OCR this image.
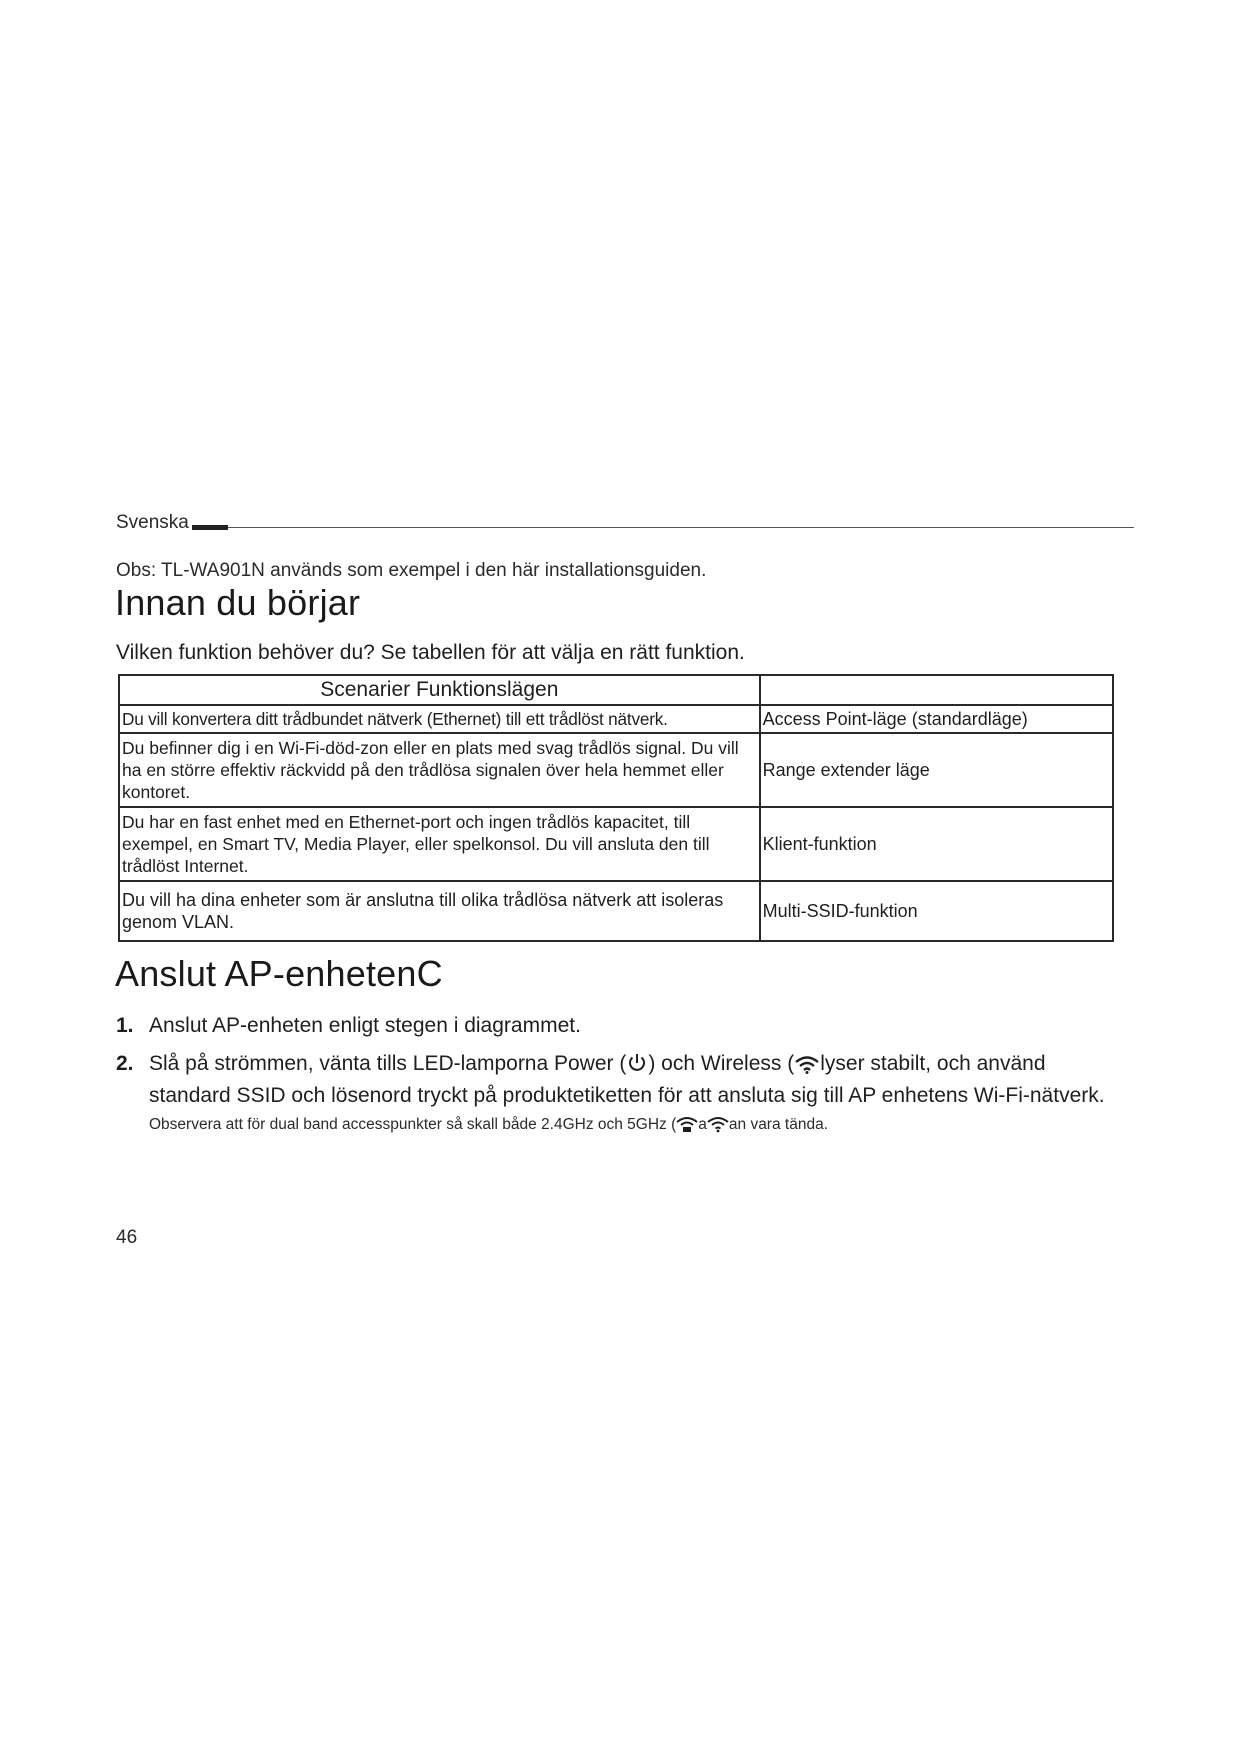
Svenska
Obs: TL-WA901N används som exempel i den här installationsguiden.
Innan du börjar
Vilken funktion behöver du? Se tabellen för att välja en rätt funktion.
Scenarier Funktionslägen	
Du vill konvertera ditt trådbundet nätverk (Ethernet) till ett trådlöst nätverk.	Access Point-läge (standardläge)
Du befinner dig i en Wi-Fi-död-zon eller en plats med svag trådlös signal. Du vill ha en större effektiv räckvidd på den trådlösa signalen över hela hemmet eller kontoret.	Range extender läge
Du har en fast enhet med en Ethernet-port och ingen trådlös kapacitet, till exempel, en Smart TV, Media Player, eller spelkonsol. Du vill ansluta den till trådlöst Internet.	Klient-funktion
Du vill ha dina enheter som är anslutna till olika trådlösa nätverk att isoleras genom VLAN.	Multi-SSID-funktion
Anslut AP-enhetenC
1. Anslut AP-enheten enligt stegen i diagrammet.
2. Slå på strömmen, vänta tills LED-lamporna Power ( ) och Wireless ( lyser stabilt, och använd standard SSID och lösenord tryckt på produktetiketten för att ansluta sig till AP enhetens Wi-Fi-nätverk.
Observera att för dual band accesspunkter så skall både 2.4GHz och 5GHz ( a an vara tända.
46
